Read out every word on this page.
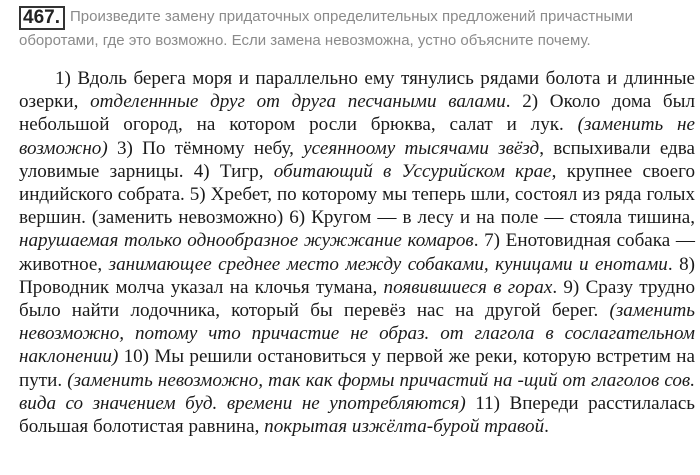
467. Произведите замену придаточных определительных предложений причастными оборотами, где это возможно. Если замена невозможна, устно объясните почему.

1) Вдоль берега моря и параллельно ему тянулись рядами болота и длинные озерки, отделеннные друг от друга песчаными валами. 2) Около дома был небольшой огород, на котором росли брюква, салат и лук. (заменить не возможно) 3) По тёмному небу, усеянноому тысячами звёзд, вспыхивали едва уловимые зарницы. 4) Тигр, обитающий в Уссурийском крае, крупнее своего индийского собрата. 5) Хребет, по которому мы теперь шли, состоял из ряда голых вершин. (заменить невозможно) 6) Кругом — в лесу и на поле — стояла тишина, нарушаемая только однообразное жужжание комаров. 7) Енотовидная собака — животное, занимающее среднее место между собаками, куницами и енотами. 8) Проводник молча указал на клочья тумана, появившиеся в горах. 9) Сразу трудно было найти лодочника, который бы перевёз нас на другой берег. (заменить невозможно, потому что причастие не образ. от глагола в сослагательном наклонении) 10) Мы решили остановиться у первой же реки, которую встретим на пути. (заменить невозможно, так как формы причастий на -щий от глаголов сов. вида со значением буд. времени не употребляются) 11) Впереди расстилалась большая болотистая равнина, покрытая изжёлта-бурой травой.
